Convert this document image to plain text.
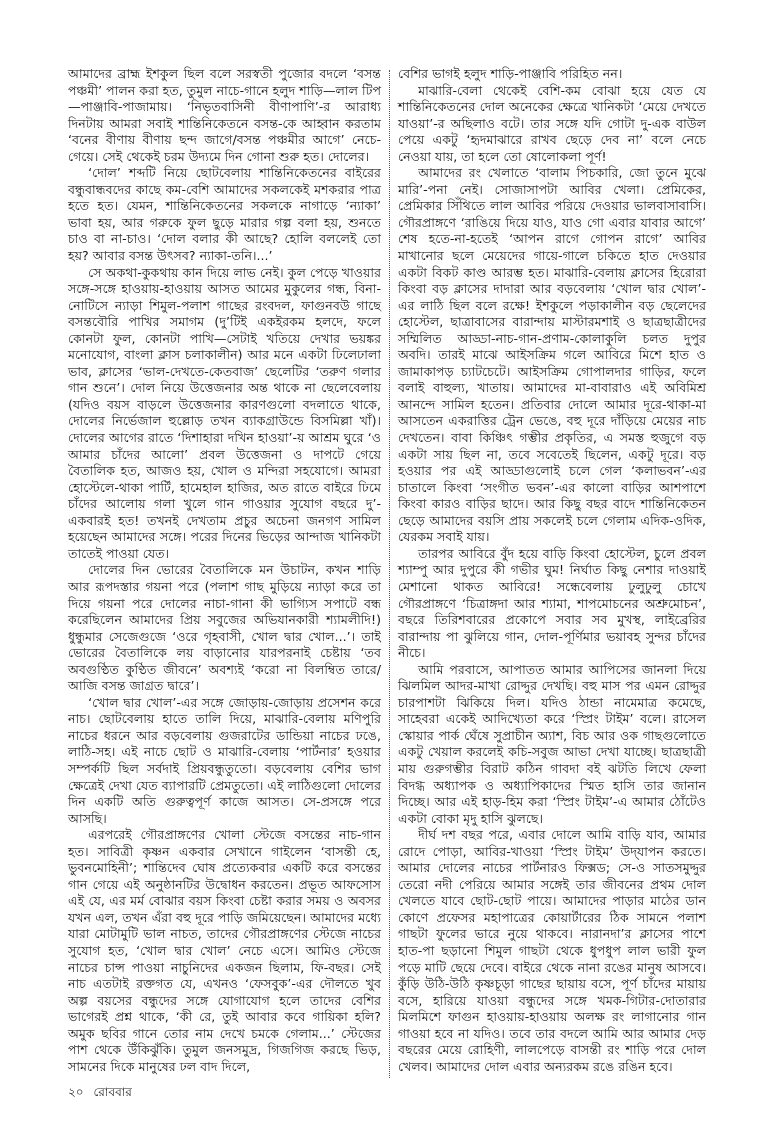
আমাদের ব্রাহ্ম ইশকুল ছিল বলে সরস্বতী পুজোর বদলে ‘বসন্ত পঞ্চমী’ পালন করা হত, তুমুল নাচে-গানে হলুদ শাড়ি—লাল টিপ—পাঞ্জাবি-পাজামায়। ‘নিভৃতবাসিনী বীণাপাণি’-র আরাধ্য দিনটায় আমরা সবাই শান্তিনিকেতনে বসন্ত-কে আহ্বান করতাম ‘বনের বীণায় বীণায় ছন্দ জাগে/বসন্ত পঞ্চমীর আগে’ নেচে-গেয়ে। সেই থেকেই চরম উদ্যমে দিন গোনা শুরু হত। দোলের।

‘দোল’ শব্দটি নিয়ে ছোটবেলায় শান্তিনিকেতনের বাইরের বন্ধুবান্ধবদের কাছে কম-বেশি আমাদের সকলকেই মশকরার পাত্র হতে হত। যেমন, শান্তিনিকেতনের সকলকে নাগাড়ে ‘ন্যাকা’ ভাবা হয়, আর গরুকে ফুল ছুড়ে মারার গল্প বলা হয়, শুনতে চাও বা না-চাও। ‘দোল বলার কী আছে? হোলি বললেই তো হয়? আবার বসন্ত উৎসব? ন্যাকা-তনি।...’

সে অকথা-কুকথায় কান দিয়ে লাভ নেই। কুল পেড়ে খাওয়ার সঙ্গে-সঙ্গে হাওয়ায়-হাওয়ায় আসত আমের মুকুলের গন্ধ, বিনা-নোটিসে ন্যাড়া শিমুল-পলাশ গাছের রংবদল, ফাগুনবউ গাছে বসন্তবৌরি পাখির সমাগম (দু’টিই একইরকম হলদে, ফলে কোনটা ফুল, কোনটা পাখি—সেটাই খতিয়ে দেখার ভয়ঙ্কর মনোযোগ, বাংলা ক্লাস চলাকালীন) আর মনে একটা ঢিলেঢালা ভাব, ক্লাসের ‘ভাল-দেখতে-কেতবাজ’ ছেলেটির ‘তরুণ গলার গান শুনে’। দোল নিয়ে উত্তেজনার অন্ত থাকে না ছেলেবেলায় (যদিও বয়স বাড়লে উত্তেজনার কারণগুলো বদলাতে থাকে, দোলের নির্ভেজাল হুল্লোড় তখন ব্যাকগ্রাউন্ডে বিসমিল্লা খাঁ)। দোলের আগের রাতে ‘দিশাহারা দখিন হাওয়া’-য় আশ্রম ঘুরে ‘ও আমার চাঁদের আলো’ প্রবল উত্তেজনা ও দাপটে গেয়ে বৈতালিক হত, আজও হয়, খোল ও মন্দিরা সহযোগে। আমরা হোস্টেলে-থাকা পার্টি, হামেহাল হাজির, অত রাতে বাইরে ঢিমে চাঁদের আলোয় গলা খুলে গান গাওয়ার সুযোগ বছরে দু’-একবারই হত! তখনই দেখতাম প্রচুর অচেনা জনগণ সামিল হয়েছেন আমাদের সঙ্গে। পরের দিনের ভিড়ের আন্দাজ খানিকটা তাতেই পাওয়া যেত।

দোলের দিন ভোরের বৈতালিকে মন উচাটন, কখন শাড়ি আর রূপদস্তার গয়না পরে (পলাশ গাছ মুড়িয়ে ন্যাড়া করে তা দিয়ে গয়না পরে দোলের নাচা-গানা কী ভাগ্যিস সপাটে বন্ধ করেছিলেন আমাদের প্রিয় সবুজের অভিযানকারী শ্যামলীদি!) ধুন্ধুমার সেজেগুজে ‘ওরে গৃহবাসী, খোল দ্বার খোল...’। তাই ভোরের বৈতালিকে লয় বাড়ানোর যারপরনাই চেষ্টায় ‘তব অবগুণ্ঠিত কুণ্ঠিত জীবনে’ অবশ্যই ‘করো না বিলম্বিত তারে/আজি বসন্ত জাগ্রত দ্বারে’।

‘খোল দ্বার খোল’-এর সঙ্গে জোড়ায়-জোড়ায় প্রসেশন করে নাচ। ছোটবেলায় হাতে তালি দিয়ে, মাঝারি-বেলায় মণিপুরি নাচের ধরনে আর বড়বেলায় গুজরাটের ডান্ডিয়া নাচের ঢঙে, লাঠি-সহ। এই নাচে ছোট ও মাঝারি-বেলায় ‘পার্টনার’ হওয়ার সম্পর্কটি ছিল সর্বদাই প্রিয়বন্ধুতুতো। বড়বেলায় বেশির ভাগ ক্ষেত্রেই দেখা যেত ব্যাপারটি প্রেমতুতো। এই লাঠিগুলো দোলের দিন একটি অতি গুরুত্বপূর্ণ কাজে আসত। সে-প্রসঙ্গে পরে আসছি।

এরপরেই গৌরপ্রাঙ্গণের খোলা স্টেজে বসন্তের নাচ-গান হত। সাবিত্রী কৃষ্ণন একবার সেখানে গাইলেন ‘বাসন্তী হে, ভুবনমোহিনী’; শান্তিদেব ঘোষ প্রত্যেকবার একটি করে বসন্তের গান গেয়ে এই অনুষ্ঠানটির উদ্বোধন করতেন। প্রভূত আফসোস এই যে, এর মর্ম বোঝার বয়স কিংবা চেষ্টা করার সময় ও অবসর যখন এল, তখন এঁরা বহু দূরে পাড়ি জমিয়েছেন। আমাদের মধ্যে যারা মোটামুটি ভাল নাচত, তাদের গৌরপ্রাঙ্গণের স্টেজে নাচের সুযোগ হত, ‘খোল দ্বার খোল’ নেচে এসে। আমিও স্টেজে নাচের চান্স পাওয়া নাচুনিদের একজন ছিলাম, ফি-বছর। সেই নাচ এতটাই রক্তগত যে, এখনও ‘ফেসবুক’-এর দৌলতে খুব অল্প বয়সের বন্ধুদের সঙ্গে যোগাযোগ হলে তাদের বেশির ভাগেরই প্রশ্ন থাকে, ‘কী রে, তুই আবার কবে গায়িকা হলি? অমুক ছবির গানে তোর নাম দেখে চমকে গেলাম...’ স্টেজের পাশ থেকে উঁকিঝুঁকি। তুমুল জনসমুদ্র, গিজগিজ করছে ভিড়, সামনের দিকে মানুষের ঢল বাদ দিলে,

বেশির ভাগই হলুদ শাড়ি-পাঞ্জাবি পরিহিত নন।

মাঝারি-বেলা থেকেই বেশি-কম বোঝা হয়ে যেত যে শান্তিনিকেতনের দোল অনেকের ক্ষেত্রে খানিকটা ‘মেয়ে দেখতে যাওয়া’-র অছিলাও বটে। তার সঙ্গে যদি গোটা দু-এক বাউল পেয়ে একটু ‘হৃদমাঝারে রাখব ছেড়ে দেব না’ বলে নেচে নেওয়া যায়, তা হলে তো ষোলোকলা পূর্ণ!

আমাদের রং খেলাতে ‘বালাম পিচকারি, জো তুনে মুঝে মারি’-পনা নেই। সোজাসাপটা আবির খেলা। প্রেমিকের, প্রেমিকার সিঁথিতে লাল আবির পরিয়ে দেওয়ার ভালবাসাবাসি। গৌরপ্রাঙ্গণে ‘রাঙিয়ে দিয়ে যাও, যাও গো এবার যাবার আগে’ শেষ হতে-না-হতেই ‘আপন রাগে গোপন রাগে’ আবির মাখানোর ছলে মেয়েদের গায়ে-গালে চকিতে হাত দেওয়ার একটা বিকট কাণ্ড আরম্ভ হত। মাঝারি-বেলায় ক্লাসের হিরোরা কিংবা বড় ক্লাসের দাদারা আর বড়বেলায় ‘খোল দ্বার খোল’-এর লাঠি ছিল বলে রক্ষে! ইশকুলে পড়াকালীন বড় ছেলেদের হোস্টেল, ছাত্রাবাসের বারান্দায় মাস্টারমশাই ও ছাত্রছাত্রীদের সম্মিলিত আড্ডা-নাচ-গান-প্রণাম-কোলাকুলি চলত দুপুর অবদি। তারই মাঝে আইসক্রিম গলে আবিরে মিশে হাত ও জামাকাপড় চ্যাটচেটে। আইসক্রিম গোপালদার গাড়ির, ফলে বলাই বাহুল্য, খাতায়। আমাদের মা-বাবারাও এই অবিমিশ্র আনন্দে সামিল হতেন। প্রতিবার দোলে আমার দূরে-থাকা-মা আসতেন একরাত্তির ট্রেন ভেঙে, বহু দূরে দাঁড়িয়ে মেয়ের নাচ দেখতেন। বাবা কিঞ্চিৎ গম্ভীর প্রকৃতির, এ সমস্ত হুজুগে বড় একটা সায় ছিল না, তবে সবেতেই ছিলেন, একটু দূরে। বড় হওয়ার পর এই আড্ডাগুলোই চলে গেল ‘কলাভবন’-এর চাতালে কিংবা ‘সংগীত ভবন’-এর কালো বাড়ির আশপাশে কিংবা কারও বাড়ির ছাদে। আর কিছু বছর বাদে শান্তিনিকেতন ছেড়ে আমাদের বয়সি প্রায় সকলেই চলে গেলাম এদিক-ওদিক, যেরকম সবাই যায়।

তারপর আবিরে বুঁদ হয়ে বাড়ি কিংবা হোস্টেল, চুলে প্রবল শ্যাম্পু আর দুপুরে কী গভীর ঘুম! নির্ঘাত কিছু নেশার দাওয়াই মেশানো থাকত আবিরে! সন্ধেবেলায় ঢুলুঢুলু চোখে গৌরপ্রাঙ্গণে ‘চিত্রাঙ্গদা আর শ্যামা, শাপমোচনের অশ্রুমোচন’, বছরে তিরিশবারের প্রকোপে সবার সব মুখস্থ, লাইব্রেরির বারান্দায় পা ঝুলিয়ে গান, দোল-পূর্ণিমার ভয়াবহ সুন্দর চাঁদের নীচে।

আমি পরবাসে, আপাতত আমার আপিসের জানলা দিয়ে ঝিলমিল আদর-মাখা রোদ্দুর দেখছি। বহু মাস পর এমন রোদ্দুর চারপাশটা ঝিকিয়ে দিল। যদিও ঠান্ডা নামেমাত্র কমেছে, সাহেবরা একেই আদিখ্যেতা করে ‘স্প্রিং টাইম’ বলে। রাসেল স্কোয়ার পার্ক ঘেঁষে সুপ্রাচীন অ্যাশ, বিচ আর ওক গাছগুলোতে একটু খেয়াল করলেই কচি-সবুজ আভা দেখা যাচ্ছে। ছাত্রছাত্রী মায় গুরুগম্ভীর বিরাট কঠিন গাবদা বই ঝটতি লিখে ফেলা বিদগ্ধ অধ্যাপক ও অধ্যাপিকাদের স্মিত হাসি তার জানান দিচ্ছে। আর এই হাড়-হিম করা ‘স্প্রিং টাইম’-এ আমার ঠোঁটেও একটা বোকা মৃদু হাসি ঝুলছে।

দীর্ঘ দশ বছর পরে, এবার দোলে আমি বাড়ি যাব, আমার রোদে পোড়া, আবির-খাওয়া ‘স্প্রিং টাইম’ উদ্‌যাপন করতে। আমার দোলের নাচের পার্টনারও ফিক্সড; সে-ও সাতসমুদ্দুর তেরো নদী পেরিয়ে আমার সঙ্গেই তার জীবনের প্রথম দোল খেলতে যাবে ছোট-ছোট পায়ে। আমাদের পাড়ার মাঠের ডান কোণে প্রফেসর মহাপাত্রের কোয়ার্টারের ঠিক সামনে পলাশ গাছটা ফুলের ভারে নুয়ে থাকবে। নারানদা’র ক্লাসের পাশে হাত-পা ছড়ানো শিমুল গাছটা থেকে ধুপধুপ লাল ভারী ফুল পড়ে মাটি ছেয়ে দেবে। বাইরে থেকে নানা রঙের মানুষ আসবে। কুঁড়ি উঠি-উঠি কৃষ্ণচূড়া গাছের ছায়ায় বসে, পূর্ণ চাঁদের মায়ায় বসে, হারিয়ে যাওয়া বন্ধুদের সঙ্গে খমক-গিটার-দোতারার মিলমিশে ফাগুন হাওয়ায়-হাওয়ায় অলক্ষ রং লাগানোর গান গাওয়া হবে না যদিও। তবে তার বদলে আমি আর আমার দেড় বছরের মেয়ে রোহিণী, লালপেড়ে বাসন্তী রং শাড়ি পরে দোল খেলব। আমাদের দোল এবার অন্যরকম রঙে রঙিন হবে।

২০ রোববার
